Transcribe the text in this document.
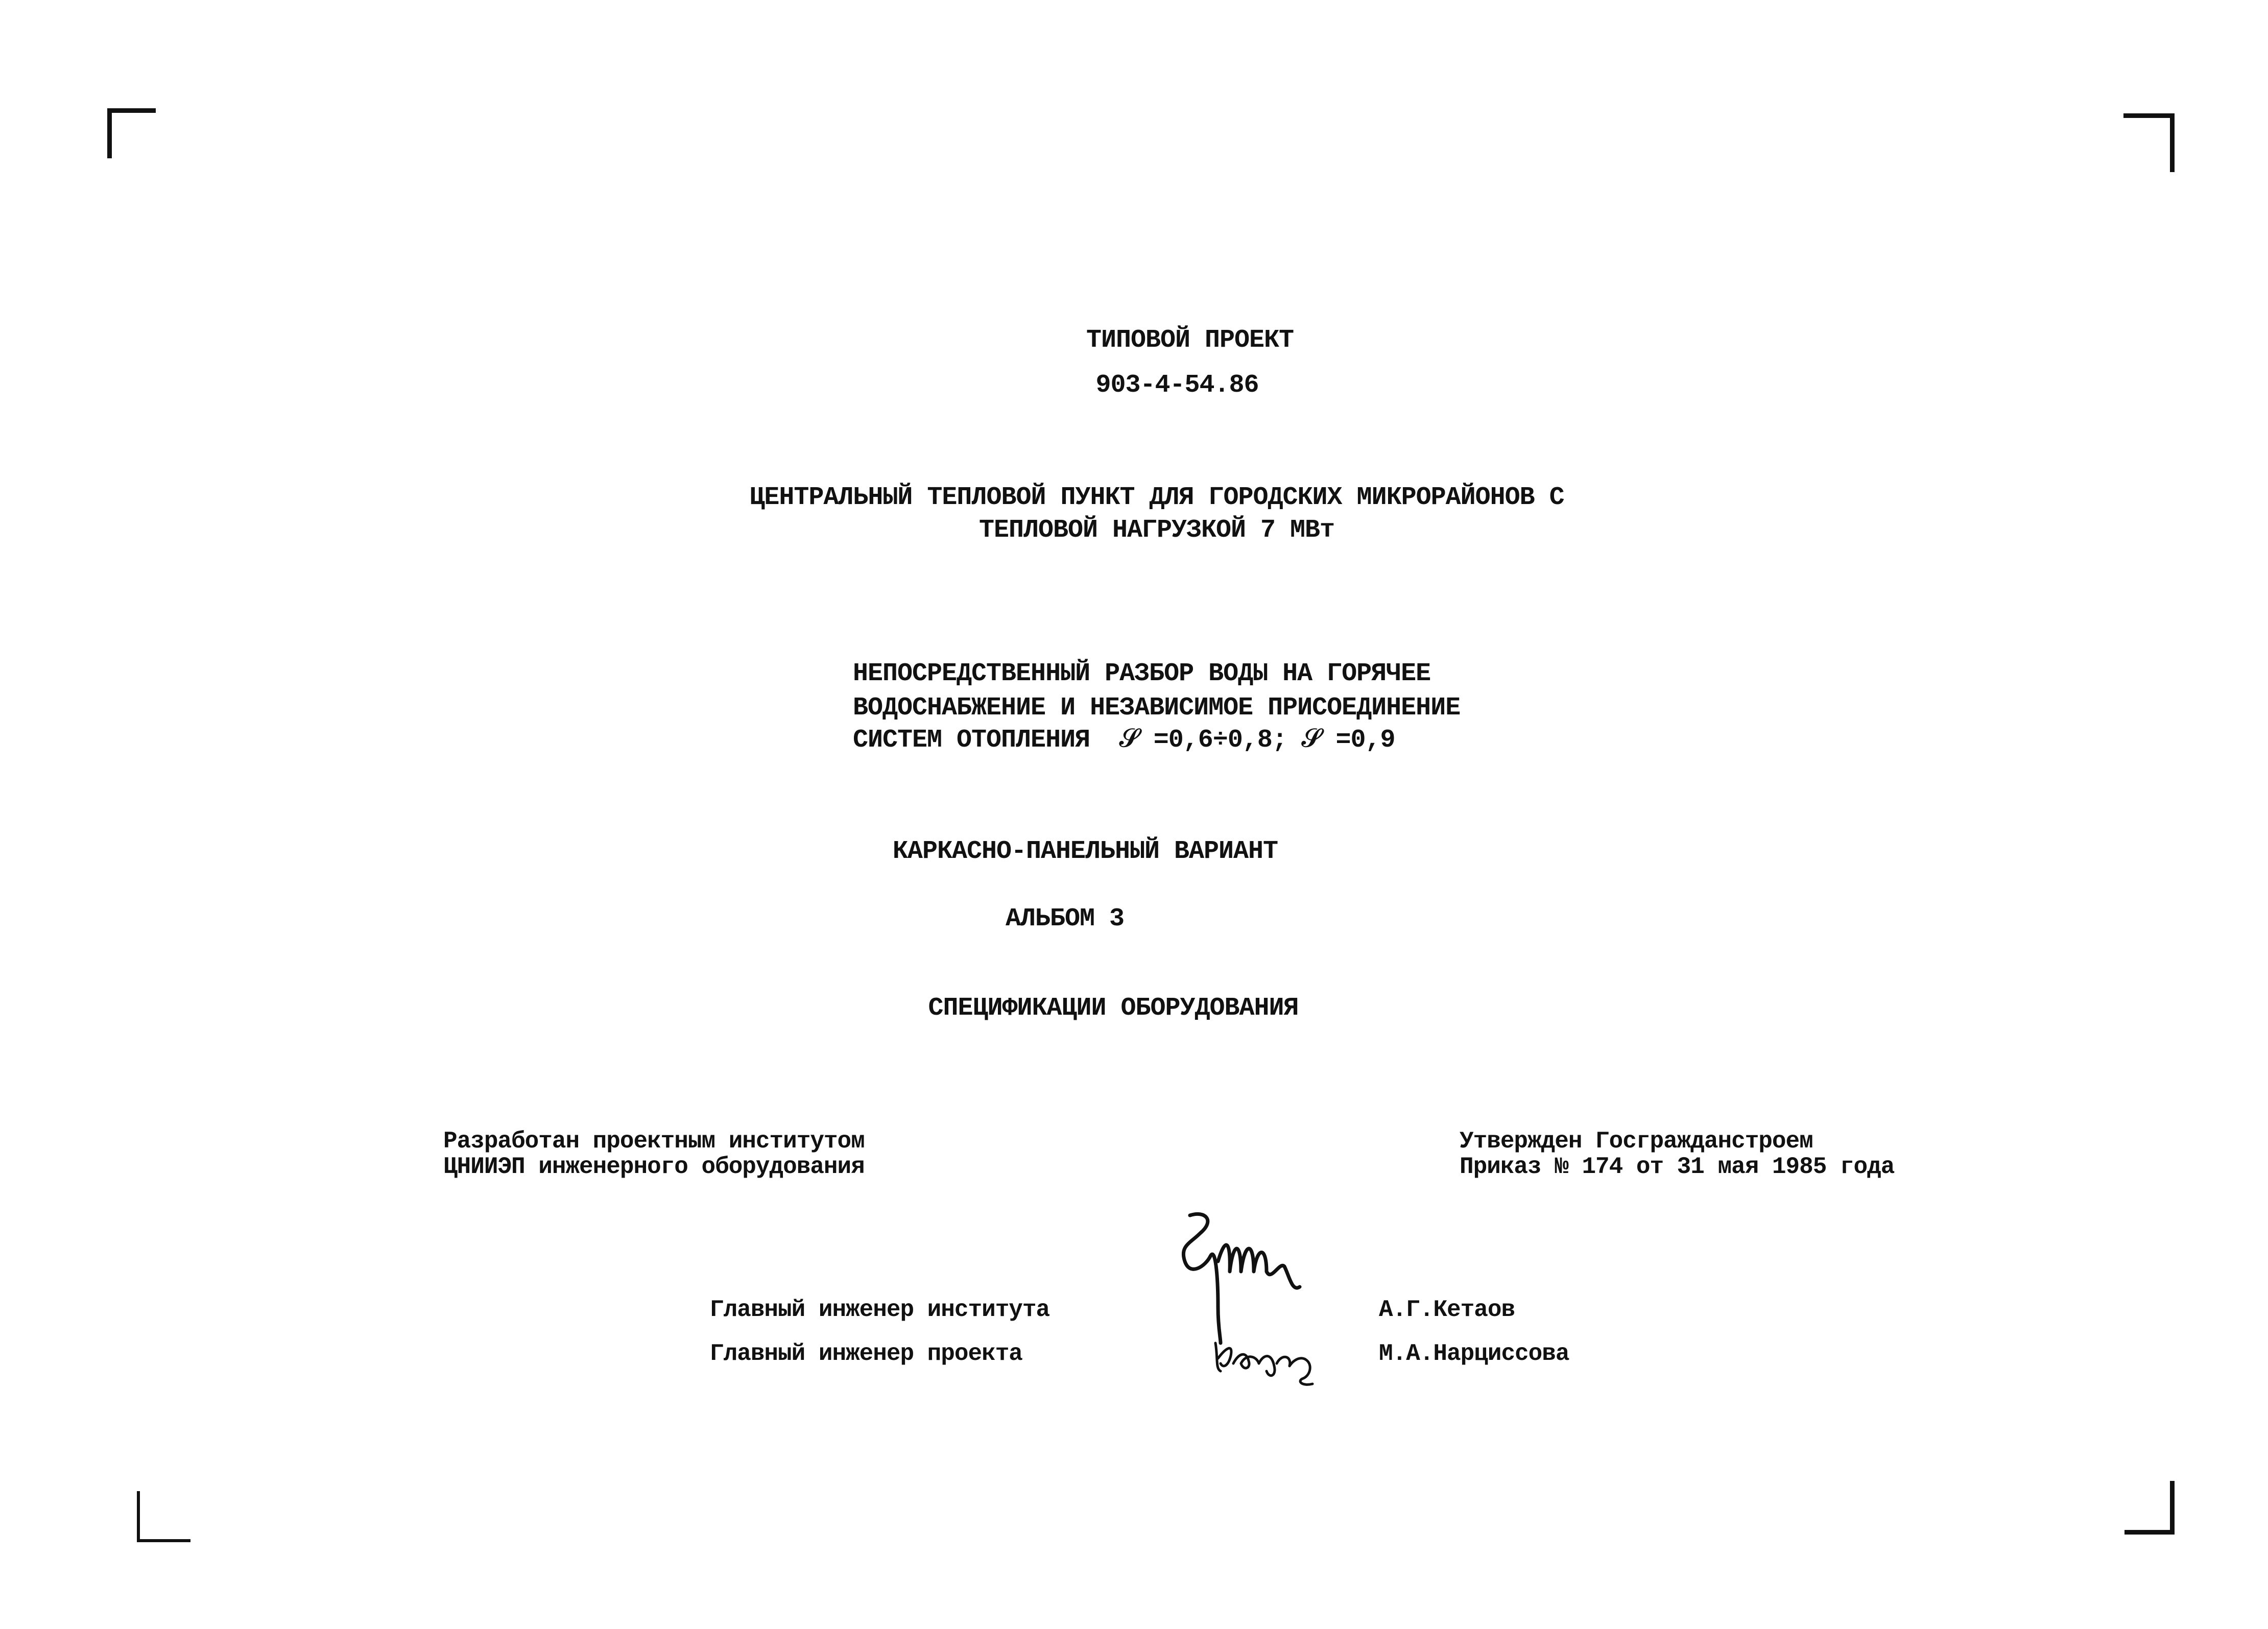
ТИПОВОЙ ПРОЕКТ
903-4-54.86
ЦЕНТРАЛЬНЫЙ ТЕПЛОВОЙ ПУНКТ ДЛЯ ГОРОДСКИХ МИКРОРАЙОНОВ С
ТЕПЛОВОЙ НАГРУЗКОЙ 7 МВт
НЕПОСРЕДСТВЕННЫЙ РАЗБОР ВОДЫ НА ГОРЯЧЕЕ
ВОДОСНАБЖЕНИЕ И НЕЗАВИСИМОЕ ПРИСОЕДИНЕНИЕ
СИСТЕМ ОТОПЛЕНИЯ  𝒮 =0,6÷0,8; 𝒮 =0,9
КАРКАСНО-ПАНЕЛЬНЫЙ ВАРИАНТ
АЛЬБОМ 3
СПЕЦИФИКАЦИИ ОБОРУДОВАНИЯ
Разработан проектным институтом
ЦНИИЭП инженерного оборудования
Утвержден Госгражданстроем
Приказ № 174 от 31 мая 1985 года
Главный инженер института	А.Г.Кетаов
Главный инженер проекта	М.А.Нарциссова
